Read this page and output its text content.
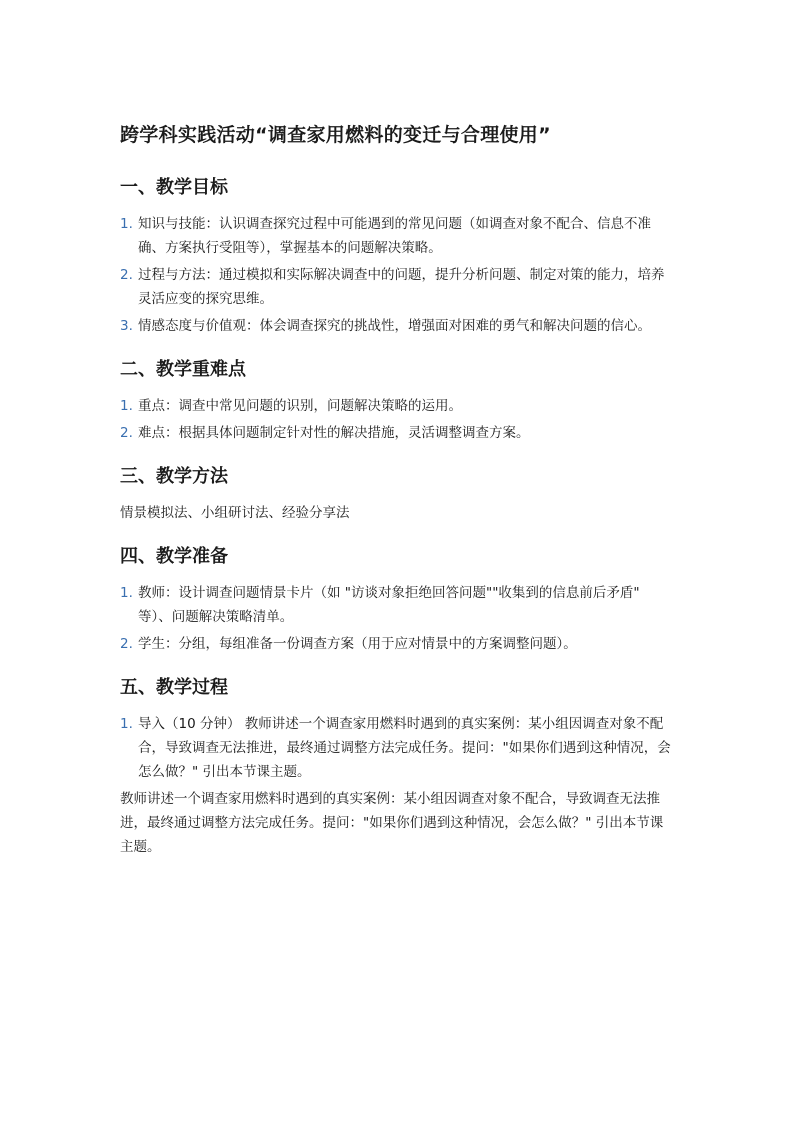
跨学科实践活动“调查家用燃料的变迁与合理使用”
一、教学目标
1. 知识与技能：认识调查探究过程中可能遇到的常见问题（如调查对象不配合、信息不准确、方案执行受阻等），掌握基本的问题解决策略。
2. 过程与方法：通过模拟和实际解决调查中的问题，提升分析问题、制定对策的能力，培养灵活应变的探究思维。
3. 情感态度与价值观：体会调查探究的挑战性，增强面对困难的勇气和解决问题的信心。
二、教学重难点
1. 重点：调查中常见问题的识别，问题解决策略的运用。
2. 难点：根据具体问题制定针对性的解决措施，灵活调整调查方案。
三、教学方法

情景模拟法、小组研讨法、经验分享法

四、教学准备
1. 教师：设计调查问题情景卡片（如 "访谈对象拒绝回答问题""收集到的信息前后矛盾" 等）、问题解决策略清单。
2. 学生：分组，每组准备一份调查方案（用于应对情景中的方案调整问题）。
五、教学过程
1. 导入（10 分钟） 教师讲述一个调查家用燃料时遇到的真实案例：某小组因调查对象不配合，导致调查无法推进，最终通过调整方法完成任务。提问："如果你们遇到这种情况，会怎么做？" 引出本节课主题。

教师讲述一个调查家用燃料时遇到的真实案例：某小组因调查对象不配合，导致调查无法推进，最终通过调整方法完成任务。提问："如果你们遇到这种情况，会怎么做？" 引出本节课主题。
